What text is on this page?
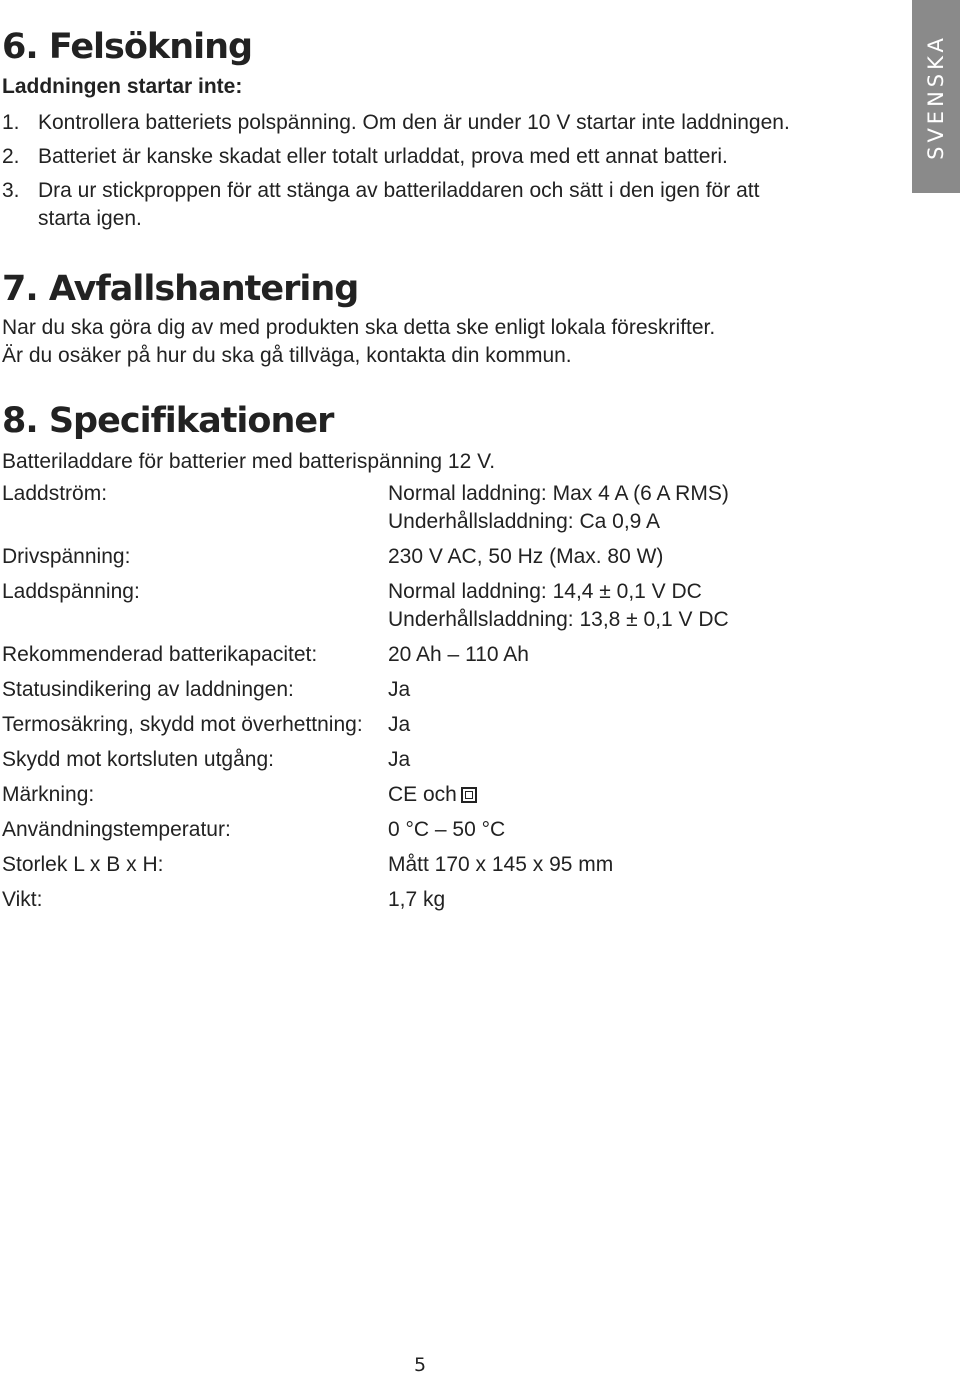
SVENSKA
6. Felsökning
Laddningen startar inte:
1. Kontrollera batteriets polspänning. Om den är under 10 V startar inte laddningen.
2. Batteriet är kanske skadat eller totalt urladdat, prova med ett annat batteri.
3. Dra ur stickproppen för att stänga av batteriladdaren och sätt i den igen för att
starta igen.
7. Avfallshantering
Nar du ska göra dig av med produkten ska detta ske enligt lokala föreskrifter.
Är du osäker på hur du ska gå tillväga, kontakta din kommun.
8. Specifikationer
Batteriladdare för batterier med batterispänning 12 V.
Laddström:	Normal laddning: Max 4 A (6 A RMS)
Underhållsladdning: Ca 0,9 A
Drivspänning:	230 V AC, 50 Hz (Max. 80 W)
Laddspänning:	Normal laddning: 14,4 ± 0,1 V DC
Underhållsladdning: 13,8 ± 0,1 V DC
Rekommenderad batterikapacitet:	20 Ah – 110 Ah
Statusindikering av laddningen:	Ja
Termosäkring, skydd mot överhettning:	Ja
Skydd mot kortsluten utgång:	Ja
Märkning:	CE och
Användningstemperatur:	0 °C – 50 °C
Storlek L x B x H:	Mått 170 x 145 x 95 mm
Vikt:	1,7 kg
5
